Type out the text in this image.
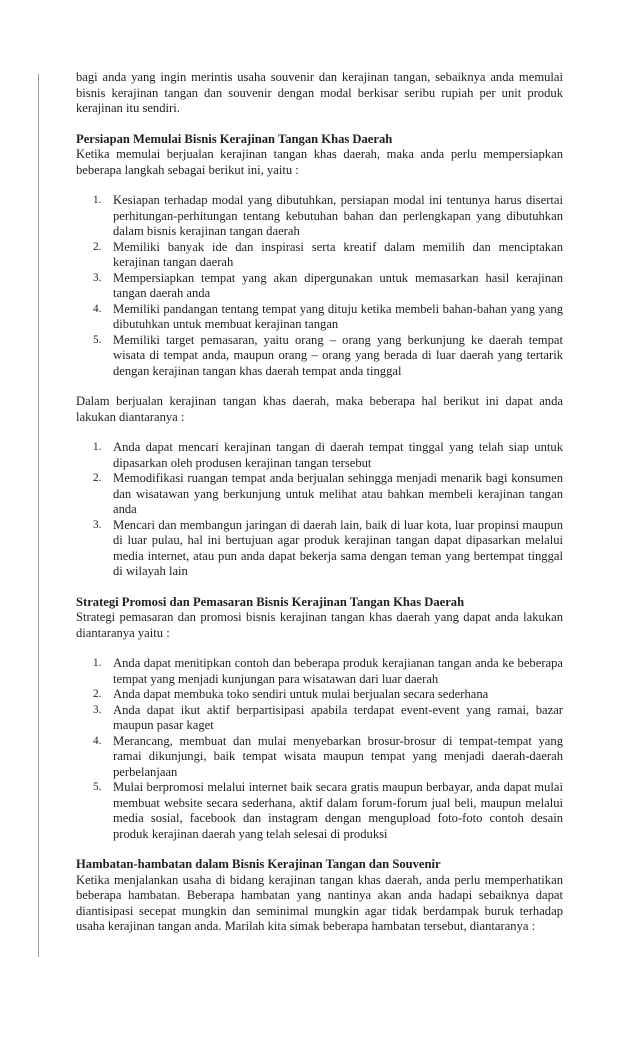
bagi anda yang ingin merintis usaha souvenir dan kerajinan tangan, sebaiknya anda memulai bisnis kerajinan tangan dan souvenir dengan modal berkisar seribu rupiah per unit produk kerajinan itu sendiri.

Persiapan Memulai Bisnis Kerajinan Tangan Khas Daerah

Ketika memulai berjualan kerajinan tangan khas daerah, maka anda perlu mempersiapkan beberapa langkah sebagai berikut ini, yaitu :

1. Kesiapan terhadap modal yang dibutuhkan, persiapan modal ini tentunya harus disertai perhitungan-perhitungan tentang kebutuhan bahan dan perlengkapan yang dibutuhkan dalam bisnis kerajinan tangan daerah
2. Memiliki banyak ide dan inspirasi serta kreatif dalam memilih dan menciptakan kerajinan tangan daerah
3. Mempersiapkan tempat yang akan dipergunakan untuk memasarkan hasil kerajinan tangan daerah anda
4. Memiliki pandangan tentang tempat yang dituju ketika membeli bahan-bahan yang yang dibutuhkan untuk membuat kerajinan tangan
5. Memiliki target pemasaran, yaitu orang – orang yang berkunjung ke daerah tempat wisata di tempat anda, maupun orang – orang yang berada di luar daerah yang tertarik dengan kerajinan tangan khas daerah tempat anda tinggal

Dalam berjualan kerajinan tangan khas daerah, maka beberapa hal berikut ini dapat anda lakukan diantaranya :

1. Anda dapat mencari kerajinan tangan di daerah tempat tinggal yang telah siap untuk dipasarkan oleh produsen kerajinan tangan tersebut
2. Memodifikasi ruangan tempat anda berjualan sehingga menjadi menarik bagi konsumen dan wisatawan yang berkunjung untuk melihat atau bahkan membeli kerajinan tangan anda
3. Mencari dan membangun jaringan di daerah lain, baik di luar kota, luar propinsi maupun di luar pulau, hal ini bertujuan agar produk kerajinan tangan dapat dipasarkan melalui media internet, atau pun anda dapat bekerja sama dengan teman yang bertempat tinggal di wilayah lain
Strategi Promosi dan Pemasaran Bisnis Kerajinan Tangan Khas Daerah

Strategi pemasaran dan promosi bisnis kerajinan tangan khas daerah yang dapat anda lakukan diantaranya yaitu :

1. Anda dapat menitipkan contoh dan beberapa produk kerajianan tangan anda ke beberapa tempat yang menjadi kunjungan para wisatawan dari luar daerah
2. Anda dapat membuka toko sendiri untuk mulai berjualan secara sederhana
3. Anda dapat ikut aktif berpartisipasi apabila terdapat event-event yang ramai, bazar maupun pasar kaget
4. Merancang, membuat dan mulai menyebarkan brosur-brosur di tempat-tempat yang ramai dikunjungi, baik tempat wisata maupun tempat yang menjadi daerah-daerah perbelanjaan
5. Mulai berpromosi melalui internet baik secara gratis maupun berbayar, anda dapat mulai membuat website secara sederhana, aktif dalam forum-forum jual beli, maupun melalui media sosial, facebook dan instagram dengan mengupload foto-foto contoh desain produk kerajinan daerah yang telah selesai di produksi
Hambatan-hambatan dalam Bisnis Kerajinan Tangan dan Souvenir

Ketika menjalankan usaha di bidang kerajinan tangan khas daerah, anda perlu memperhatikan beberapa hambatan. Beberapa hambatan yang nantinya akan anda hadapi sebaiknya dapat diantisipasi secepat mungkin dan seminimal mungkin agar tidak berdampak buruk terhadap usaha kerajinan tangan anda. Marilah kita simak beberapa hambatan tersebut, diantaranya :
